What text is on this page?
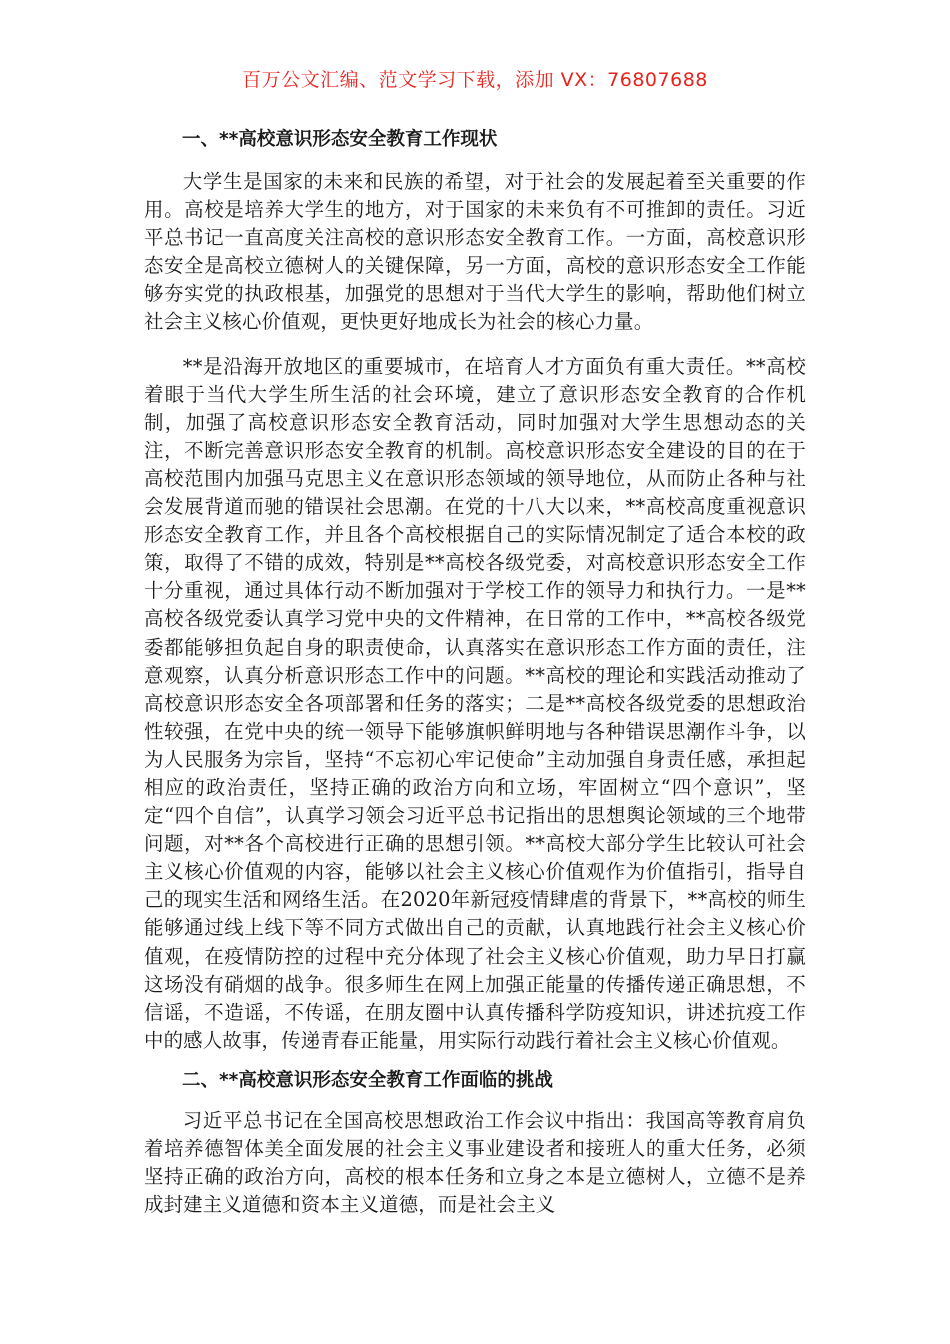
百万公文汇编、范文学习下载，添加 VX：76807688
一、**高校意识形态安全教育工作现状

大学生是国家的未来和民族的希望，对于社会的发展起着至关重要的作用。高校是培养大学生的地方，对于国家的未来负有不可推卸的责任。习近平总书记一直高度关注高校的意识形态安全教育工作。一方面，高校意识形态安全是高校立德树人的关键保障，另一方面，高校的意识形态安全工作能够夯实党的执政根基，加强党的思想对于当代大学生的影响，帮助他们树立社会主义核心价值观，更快更好地成长为社会的核心力量。

**是沿海开放地区的重要城市，在培育人才方面负有重大责任。**高校着眼于当代大学生所生活的社会环境，建立了意识形态安全教育的合作机制，加强了高校意识形态安全教育活动，同时加强对大学生思想动态的关注，不断完善意识形态安全教育的机制。高校意识形态安全建设的目的在于高校范围内加强马克思主义在意识形态领域的领导地位，从而防止各种与社会发展背道而驰的错误社会思潮。在党的十八大以来，**高校高度重视意识形态安全教育工作，并且各个高校根据自己的实际情况制定了适合本校的政策，取得了不错的成效，特别是**高校各级党委，对高校意识形态安全工作十分重视，通过具体行动不断加强对于学校工作的领导力和执行力。一是**高校各级党委认真学习党中央的文件精神，在日常的工作中，**高校各级党委都能够担负起自身的职责使命，认真落实在意识形态工作方面的责任，注意观察，认真分析意识形态工作中的问题。**高校的理论和实践活动推动了高校意识形态安全各项部署和任务的落实；二是**高校各级党委的思想政治性较强，在党中央的统一领导下能够旗帜鲜明地与各种错误思潮作斗争，以为人民服务为宗旨，坚持“不忘初心牢记使命”主动加强自身责任感，承担起相应的政治责任，坚持正确的政治方向和立场，牢固树立“四个意识”，坚定“四个自信”，认真学习领会习近平总书记指出的思想舆论领域的三个地带问题，对**各个高校进行正确的思想引领。**高校大部分学生比较认可社会主义核心价值观的内容，能够以社会主义核心价值观作为价值指引，指导自己的现实生活和网络生活。在2020年新冠疫情肆虐的背景下，**高校的师生能够通过线上线下等不同方式做出自己的贡献，认真地践行社会主义核心价值观，在疫情防控的过程中充分体现了社会主义核心价值观，助力早日打赢这场没有硝烟的战争。很多师生在网上加强正能量的传播传递正确思想，不信谣，不造谣，不传谣，在朋友圈中认真传播科学防疫知识，讲述抗疫工作中的感人故事，传递青春正能量，用实际行动践行着社会主义核心价值观。

二、**高校意识形态安全教育工作面临的挑战

习近平总书记在全国高校思想政治工作会议中指出：我国高等教育肩负着培养德智体美全面发展的社会主义事业建设者和接班人的重大任务，必须坚持正确的政治方向，高校的根本任务和立身之本是立德树人，立德不是养成封建主义道德和资本主义道德，而是社会主义
